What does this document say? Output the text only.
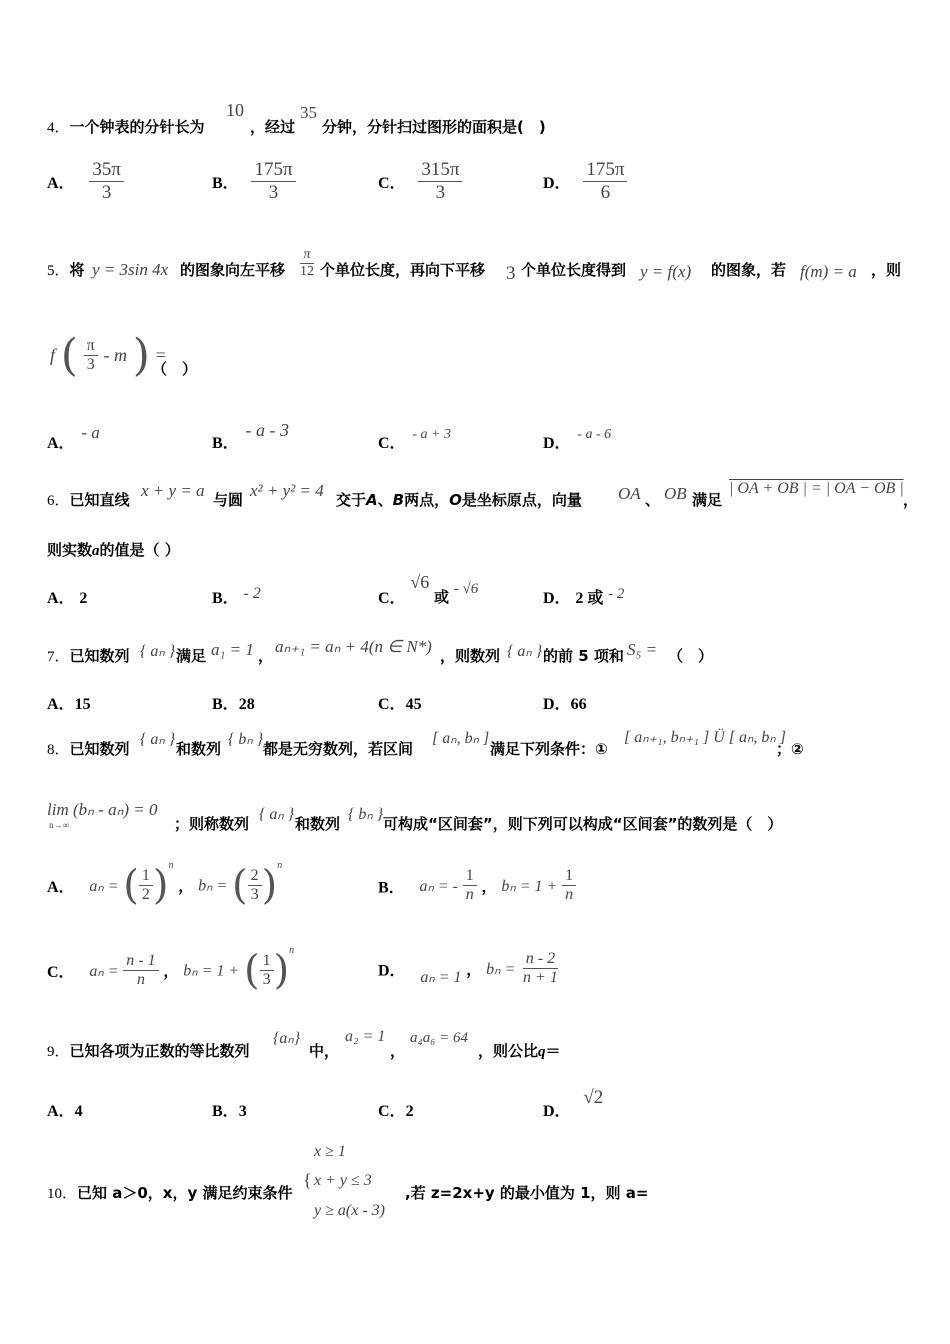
4．一个钟表的分针长为
10
，经过
35
分钟，分针扫过图形的面积是(　)
A． $\frac{35\pi}{3}$	B． $\frac{175\pi}{3}$	C． $\frac{315\pi}{3}$	D． $\frac{175\pi}{6}$
5．将 y = 3sin 4x 的图象向左平移 $\frac{\pi}{12}$ 个单位长度，再向下平移 3 个单位长度得到 y = f(x) 的图象，若 f(m) = a ，则
f ( $\frac{\pi}{3}$ - m ) =
（　）
A． - a
B． - a - 3
C． - a + 3
D． - a - 6
6．已知直线 x + y = a 与圆 x² + y² = 4 交于A、B两点，O是坐标原点，向量 OA 、 OB 满足
| OA + OB | = | OA − OB |
，
则实数a的值是（ ）
A． 2	B． - 2	C． √6 或 - √6
D． 2 或 - 2
7．已知数列 { aₙ } 满足 a₁ = 1 ， aₙ₊₁ = aₙ + 4(n ∈ N*) ，则数列 { aₙ } 的前 5 项和 S₅ = （　）
A．15	B．28	C．45	D．66
8．已知数列
{ aₙ }
和数列
{ bₙ }
都是无穷数列，若区间
[ aₙ, bₙ ]
满足下列条件：①
[ aₙ₊₁, bₙ₊₁ ] Ü [ aₙ, bₙ ]
；②
lim (bₙ - aₙ) = 0
n→∞	；则称数列
{ aₙ }
和数列
{ bₙ }
可构成“区间套”，则下列可以构成“区间套”的数列是（　）
A． aₙ = ( $\frac{1}{2} )^n$ ， bₙ = ( $\frac{2}{3} )^n$
B． aₙ = - $\frac{1}{n}$ ， $b_n = 1 + \frac{1}{n}$
C． $a_n = \frac{n - 1}{n}$ ， bₙ = 1 + ( $\frac{1}{3} )^n$
D． aₙ = 1 ， $b_n = \frac{n - 2}{n + 1}$
9．已知各项为正数的等比数列
{aₙ}
中，
a₂ = 1
，
a₄a₆ = 64
，则公比q＝
A．4	B．3	C．2	D． √2
x ≥ 1
{ x + y ≤ 3
y ≥ a(x - 3)
10．已知 a＞0，x，y 满足约束条件	,若 z=2x+y 的最小值为 1，则 a=
